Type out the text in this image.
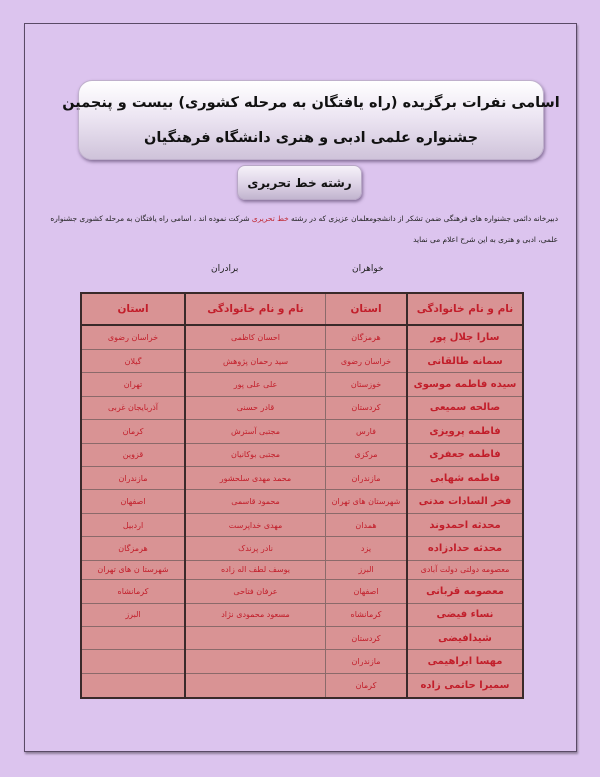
اسامی نفرات برگزیده (راه یافتگان به مرحله کشوری) بیست و پنجمین
جشنواره علمی ادبی و هنری دانشگاه فرهنگیان
رشته خط تحریری
دبیرخانه دائمی جشنواره های فرهنگی ضمن تشکر از دانشجومعلمان عزیزی که در رشته خط تحریری شرکت نموده اند ، اسامی راه یافتگان به مرحله کشوری جشنواره علمی، ادبی و هنری به این شرح اعلام می نماید
خواهران
برادران
نام و نام خانوادگی	استان	نام و نام خانوادگی	استان
سارا جلال پور	هرمزگان	احسان کاظمی	خراسان رضوی
سمانه طالقانی	خراسان رضوی	سید رحمان پژوهش	گیلان
سیده فاطمه موسوی	خوزستان	علی علی پور	تهران
صالحه سمیعی	کردستان	قادر حسنی	آذربایجان غربی
فاطمه پرویزی	فارس	مجتبی آسترش	کرمان
فاطمه جعفری	مرکزی	مجتبی بوکانیان	قزوین
فاطمه شهابی	مازندران	محمد مهدی سلحشور	مازندران
فخر السادات مدنی	شهرستان های تهران	محمود قاسمی	اصفهان
محدثه احمدوند	همدان	مهدی خداپرست	اردبیل
محدثه حدادزاده	یزد	نادر پرندک	هرمزگان
معصومه دولتی دولت آبادی	البرز	یوسف لطف اله زاده	شهرستا ن های تهران
معصومه قربانی	اصفهان	عرفان فتاحی	کرمانشاه
نساء فیضی	کرمانشاه	مسعود محمودی نژاد	البرز
شیدافیضی	کردستان		
مهسا ابراهیمی	مازندران		
سمیرا حاتمی زاده	کرمان		
